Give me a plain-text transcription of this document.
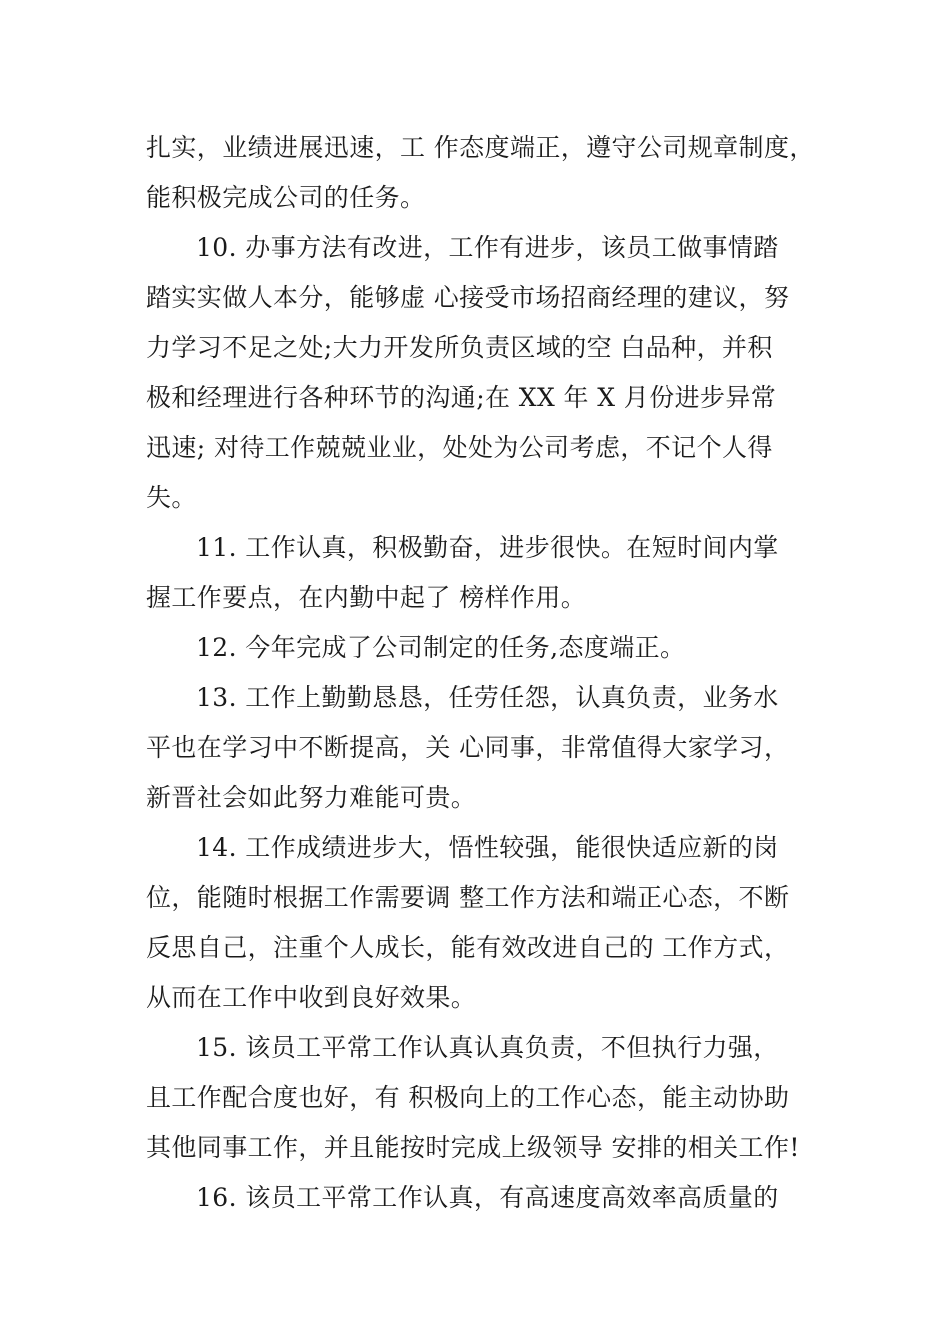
扎实，业绩进展迅速，工 作态度端正，遵守公司规章制度，
能积极完成公司的任务。
10. 办事方法有改进，工作有进步，该员工做事情踏
踏实实做人本分，能够虚 心接受市场招商经理的建议，努
力学习不足之处;大力开发所负责区域的空 白品种，并积
极和经理进行各种环节的沟通;在 XX 年 X 月份进步异常
迅速; 对待工作兢兢业业，处处为公司考虑，不记个人得
失。
11. 工作认真，积极勤奋，进步很快。在短时间内掌
握工作要点，在内勤中起了 榜样作用。
12. 今年完成了公司制定的任务,态度端正。
13. 工作上勤勤恳恳，任劳任怨，认真负责，业务水
平也在学习中不断提高，关 心同事，非常值得大家学习，
新晋社会如此努力难能可贵。
14. 工作成绩进步大，悟性较强，能很快适应新的岗
位，能随时根据工作需要调 整工作方法和端正心态，不断
反思自己，注重个人成长，能有效改进自己的 工作方式，
从而在工作中收到良好效果。
15. 该员工平常工作认真认真负责，不但执行力强，
且工作配合度也好，有 积极向上的工作心态，能主动协助
其他同事工作，并且能按时完成上级领导 安排的相关工作!
16. 该员工平常工作认真，有高速度高效率高质量的
